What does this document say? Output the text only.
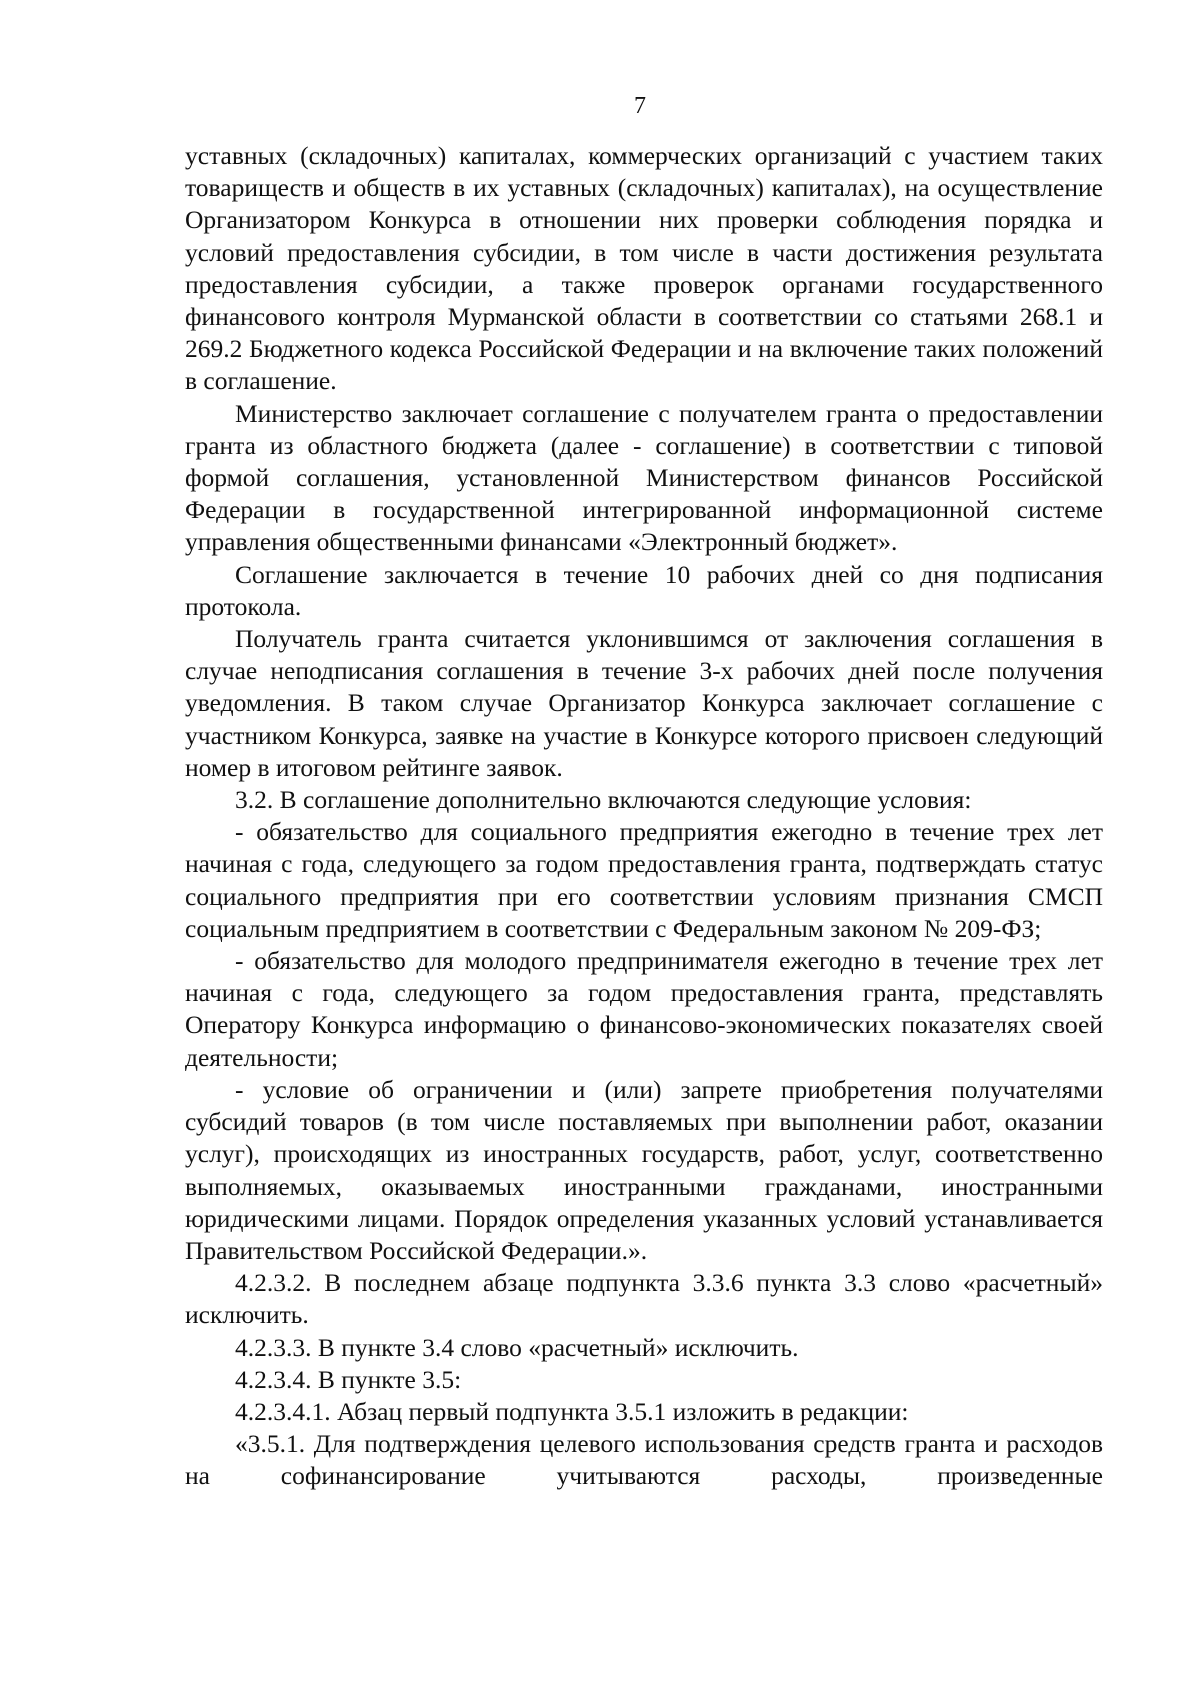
7

уставных (складочных) капиталах, коммерческих организаций с участием таких товариществ и обществ в их уставных (складочных) капиталах), на осуществление Организатором Конкурса в отношении них проверки соблюдения порядка и условий предоставления субсидии, в том числе в части достижения результата предоставления субсидии, а также проверок органами государственного финансового контроля Мурманской области в соответствии со статьями 268.1 и 269.2 Бюджетного кодекса Российской Федерации и на включение таких положений в соглашение.

Министерство заключает соглашение с получателем гранта о предоставлении гранта из областного бюджета (далее - соглашение) в соответствии с типовой формой соглашения, установленной Министерством финансов Российской Федерации в государственной интегрированной информационной системе управления общественными финансами «Электронный бюджет».

Соглашение заключается в течение 10 рабочих дней со дня подписания протокола.

Получатель гранта считается уклонившимся от заключения соглашения в случае неподписания соглашения в течение 3-х рабочих дней после получения уведомления. В таком случае Организатор Конкурса заключает соглашение с участником Конкурса, заявке на участие в Конкурсе которого присвоен следующий номер в итоговом рейтинге заявок.

3.2. В соглашение дополнительно включаются следующие условия:

- обязательство для социального предприятия ежегодно в течение трех лет начиная с года, следующего за годом предоставления гранта, подтверждать статус социального предприятия при его соответствии условиям признания СМСП социальным предприятием в соответствии с Федеральным законом № 209-ФЗ;

- обязательство для молодого предпринимателя ежегодно в течение трех лет начиная с года, следующего за годом предоставления гранта, представлять Оператору Конкурса информацию о финансово-экономических показателях своей деятельности;

- условие об ограничении и (или) запрете приобретения получателями субсидий товаров (в том числе поставляемых при выполнении работ, оказании услуг), происходящих из иностранных государств, работ, услуг, соответственно выполняемых, оказываемых иностранными гражданами, иностранными юридическими лицами. Порядок определения указанных условий устанавливается Правительством Российской Федерации.».

4.2.3.2. В последнем абзаце подпункта 3.3.6 пункта 3.3 слово «расчетный» исключить.

4.2.3.3. В пункте 3.4 слово «расчетный» исключить.

4.2.3.4. В пункте 3.5:

4.2.3.4.1. Абзац первый подпункта 3.5.1 изложить в редакции:

«3.5.1. Для подтверждения целевого использования средств гранта и расходов на софинансирование учитываются расходы, произведенные
